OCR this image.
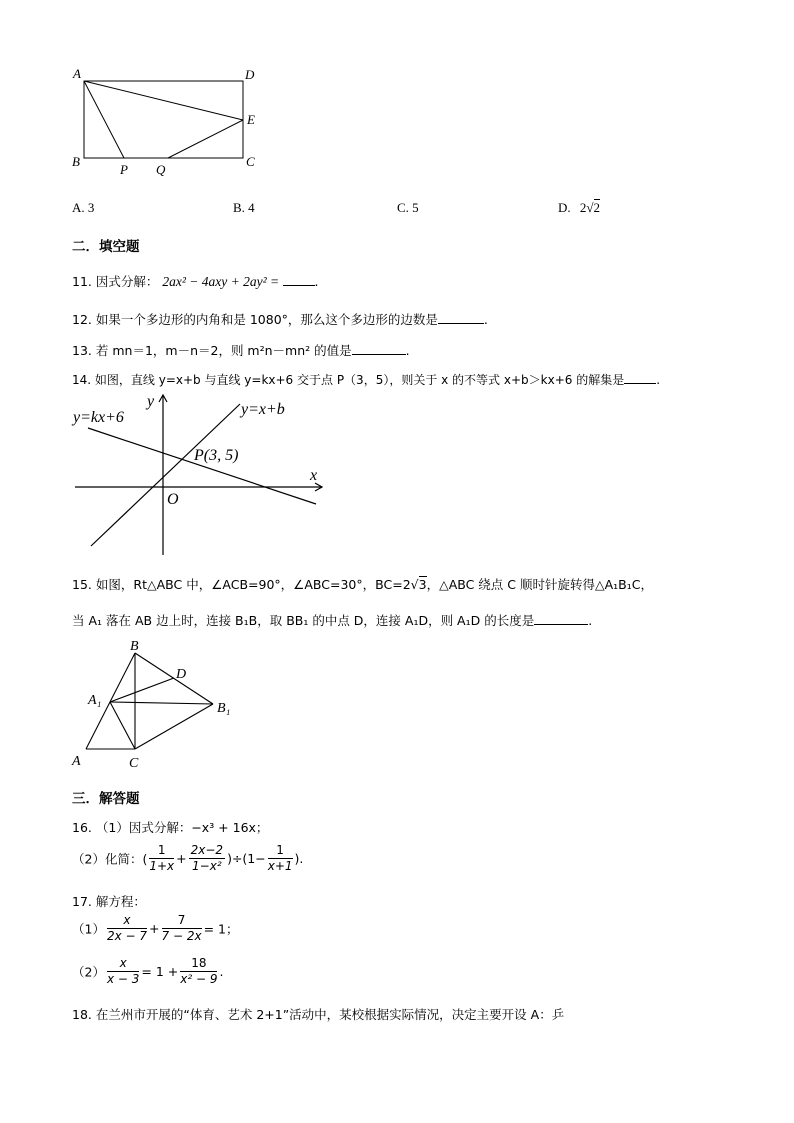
A	D
E
B	C
P Q
A. 3	B. 4	C. 5	D. 2√2
二．填空题
11. 因式分解： 2ax² − 4axy + 2ay² =	.
12. 如果一个多边形的内角和是 1080°，那么这个多边形的边数是	.
13. 若 mn＝1，m－n＝2，则 m²n－mn² 的值是	.
14. 如图，直线 y=x+b 与直线 y=kx+6 交于点 P（3，5），则关于 x 的不等式 x+b＞kx+6 的解集是	.
y
x
O
y=kx+6	y=x+b
P(3, 5)
15. 如图，Rt△ABC 中，∠ACB=90°，∠ABC=30°，BC=2√3，△ABC 绕点 C 顺时针旋转得△A₁B₁C，
当 A₁ 落在 AB 边上时，连接 B₁B，取 BB₁ 的中点 D，连接 A₁D，则 A₁D 的长度是	.
B
D
A₁
B₁
A	C
三．解答题
16. （1）因式分解：−x³ + 16x；
（2）化简：( $\frac{1}{1+x} + \frac{2x-2}{\text{1−x²}} )\div(1- \frac{1}{x+1}$ ).
17. 解方程：
$(1) \frac{x}{2x - 7} + \frac{7}{7 - 2x} = 1$；
$(2) \frac{x}{x - 3} = 1 + \frac{18}{\text{x² − 9}}$ .
18. 在兰州市开展的“体育、艺术 2+1”活动中，某校根据实际情况，决定主要开设 A：乒
